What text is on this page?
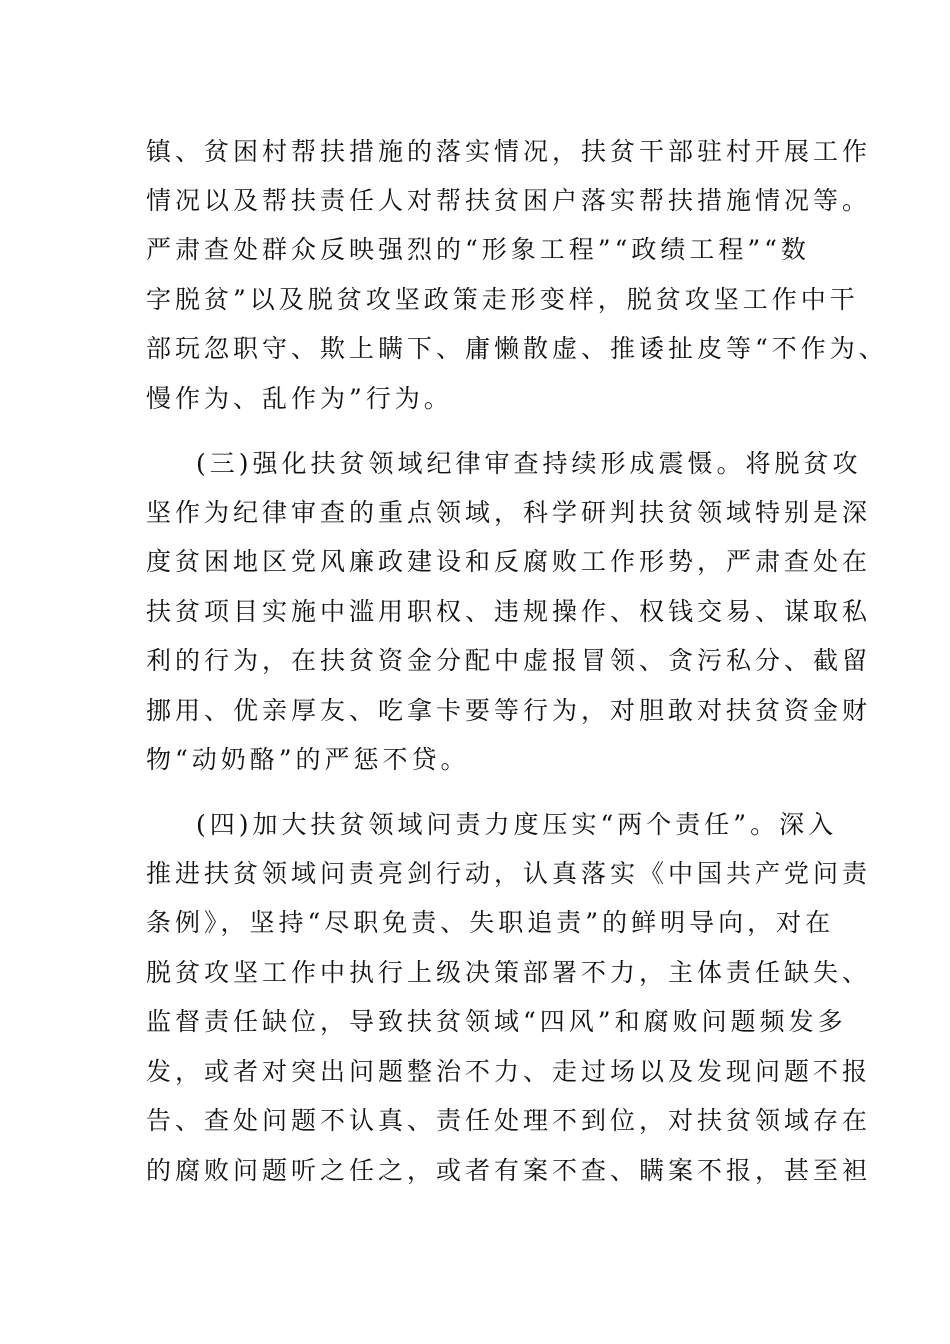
镇、贫困村帮扶措施的落实情况，扶贫干部驻村开展工作
情况以及帮扶责任人对帮扶贫困户落实帮扶措施情况等。
严肃查处群众反映强烈的“形象工程”“政绩工程”“数
字脱贫”以及脱贫攻坚政策走形变样，脱贫攻坚工作中干
部玩忽职守、欺上瞒下、庸懒散虚、推诿扯皮等“不作为、
慢作为、乱作为”行为。
(三)强化扶贫领域纪律审查持续形成震慑。将脱贫攻
坚作为纪律审查的重点领域，科学研判扶贫领域特别是深
度贫困地区党风廉政建设和反腐败工作形势，严肃查处在
扶贫项目实施中滥用职权、违规操作、权钱交易、谋取私
利的行为，在扶贫资金分配中虚报冒领、贪污私分、截留
挪用、优亲厚友、吃拿卡要等行为，对胆敢对扶贫资金财
物“动奶酪”的严惩不贷。
(四)加大扶贫领域问责力度压实“两个责任”。深入
推进扶贫领域问责亮剑行动，认真落实《中国共产党问责
条例》，坚持“尽职免责、失职追责”的鲜明导向，对在
脱贫攻坚工作中执行上级决策部署不力，主体责任缺失、
监督责任缺位，导致扶贫领域“四风”和腐败问题频发多
发，或者对突出问题整治不力、走过场以及发现问题不报
告、查处问题不认真、责任处理不到位，对扶贫领域存在
的腐败问题听之任之，或者有案不查、瞒案不报，甚至袒
